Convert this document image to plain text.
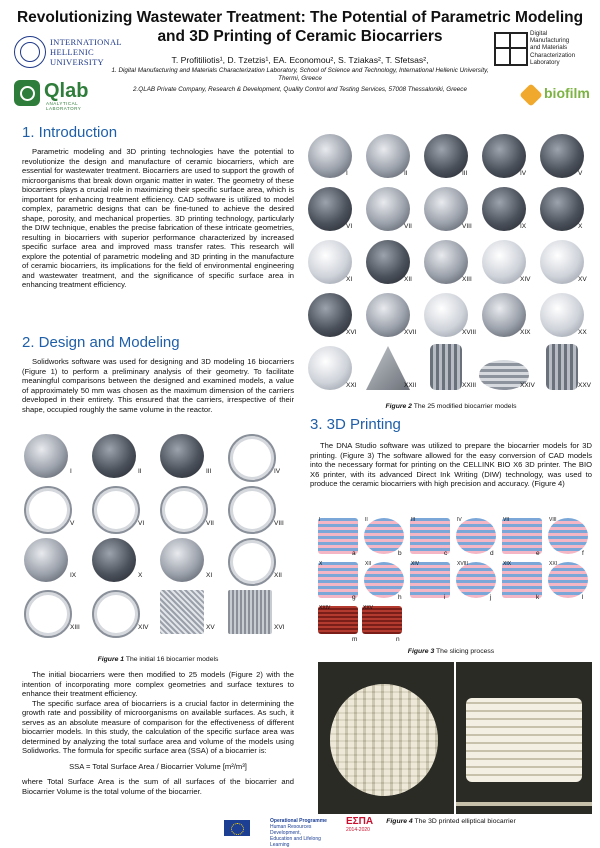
Revolutionizing Wastewater Treatment: The Potential of Parametric Modeling
and 3D Printing of Ceramic Biocarriers
T. Profitiliotis¹, D. Tzetzis¹, EA. Economou², S. Tziakas², T. Sfetsas²,
1. Digital Manufacturing and Materials Characterization Laboratory, School of Science and Technology, International Hellenic University, Thermi, Greece
2.QLAB Private Company, Research & Development, Quality Control and Testing Services, 57008 Thessaloniki, Greece
INTERNATIONAL
HELLENIC
UNIVERSITY
Qlab
ANALYTICAL LABORATORY
Digital
Manufacturing
and Materials
Characterization
Laboratory
biofilm
1. Introduction

Parametric modeling and 3D printing technologies have the potential to revolutionize the design and manufacture of ceramic biocarriers, which are essential for wastewater treatment. Biocarriers are used to support the growth of microorganisms that break down organic matter in water. The geometry of these biocarriers plays a crucial role in maximizing their specific surface area, which is important for enhancing treatment efficiency. CAD software is utilized to model complex, parametric designs that can be fine-tuned to achieve the desired shape, porosity, and mechanical properties. 3D printing technology, particularly the DIW technique, enables the precise fabrication of these intricate geometries, resulting in biocarriers with superior performance characterized by increased specific surface area and improved mass transfer rates. This research will explore the potential of parametric modeling and 3D printing in the manufacture of ceramic biocarriers, its implications for the field of environmental engineering and wastewater treatment, and the significance of specific surface area in enhancing treatment efficiency.

2. Design and Modeling

Solidworks software was used for designing and 3D modeling 16 biocarriers (Figure 1) to perform a preliminary analysis of their geometry. To facilitate meaningful comparisons between the designed and examined models, a value of approximately 50 mm was chosen as the maximum dimension of the carriers developed in their entirety. This ensured that the carriers, irrespective of their shape, occupied roughly the same volume in the reactor.

I	II	III	IV
V	VI	VII	VIII
IX	X	XI	XII
XIII	XIV	XV	XVI
Figure 1 The initial 16 biocarrier models

The initial biocarriers were then modified to 25 models (Figure 2) with the intention of incorporating more complex geometries and surface textures to enhance their treatment efficiency.

The specific surface area of biocarriers is a crucial factor in determining the growth rate and possibility of microorganisms on available surfaces. As such, it serves as an absolute measure of comparison for the effectiveness of different biocarrier models. In this study, the calculation of the specific surface area was determined by analyzing the total surface area and volume of the models using Solidworks. The formula for specific surface area (SSA) of a biocarrier is:

SSA = Total Surface Area / Biocarrier Volume [m²/m³]

where Total Surface Area is the sum of all surfaces of the biocarrier and Biocarrier Volume is the total volume of the biocarrier.

I	II	III	IV	V
VI	VII	VIII	IX	X
XI	XII	XIII	XIV	XV
XVI	XVII	XVIII	XIX	XX
XXI	XXII	XXIII	XXIV	XXV
Figure 2 The 25 modified biocarrier models
3. 3D Printing

The DNA Studio software was utilized to prepare the biocarrier models for 3D printing. (Figure 3) The software allowed for the easy conversion of CAD models into the necessary format for printing on the CELLINK BIO X6 3D printer. The BIO X6 printer, with its advanced Direct Ink Writing (DIW) technology, was used to produce the ceramic biocarriers with high precision and accuracy. (Figure 4)

I
a
II
b
III
c
IV
d
VII
e
VIII
f
X
g
XII
h
XIV
i
XVIII
j
XIX
k
XXI
l
XXIV
m
XXV
n
Figure 3 The slicing process
Figure 4 The 3D printed elliptical biocarrier
Operational Programme
Human Resources Development,
Education and Lifelong Learning
ΕΣΠΑ
2014-2020
